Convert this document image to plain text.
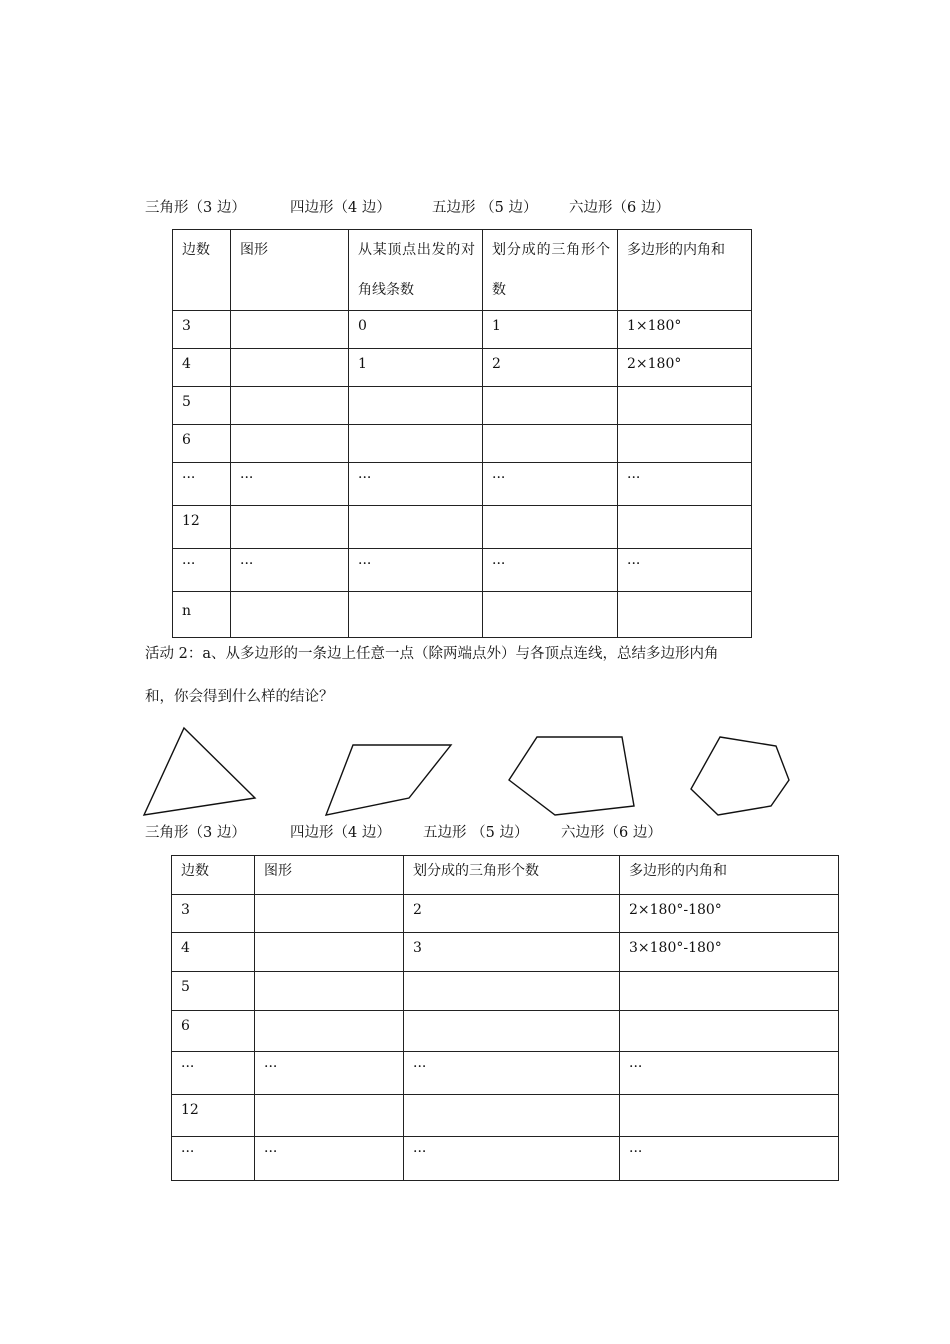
三角形（3 边）	四边形（4 边）	五边形 （5 边） 六边形（6 边）
边数	图形	从某顶点出发的对角线条数	划分成的三角形个数	多边形的内角和
3		0	1	1×180°
4		1	2	2×180°
5				
6				
···	···	···	···	···
12				
···	···	···	···	···
n				
活动 2：a、从多边形的一条边上任意一点（除两端点外）与各顶点连线，总结多边形内角
和，你会得到什么样的结论？
三角形（3 边）	四边形（4 边） 五边形 （5 边） 六边形（6 边）
边数	图形	划分成的三角形个数	多边形的内角和
3		2	2×180°-180°
4		3	3×180°-180°
5			
6			
···	···	···	···
12			
···	···	···	···
